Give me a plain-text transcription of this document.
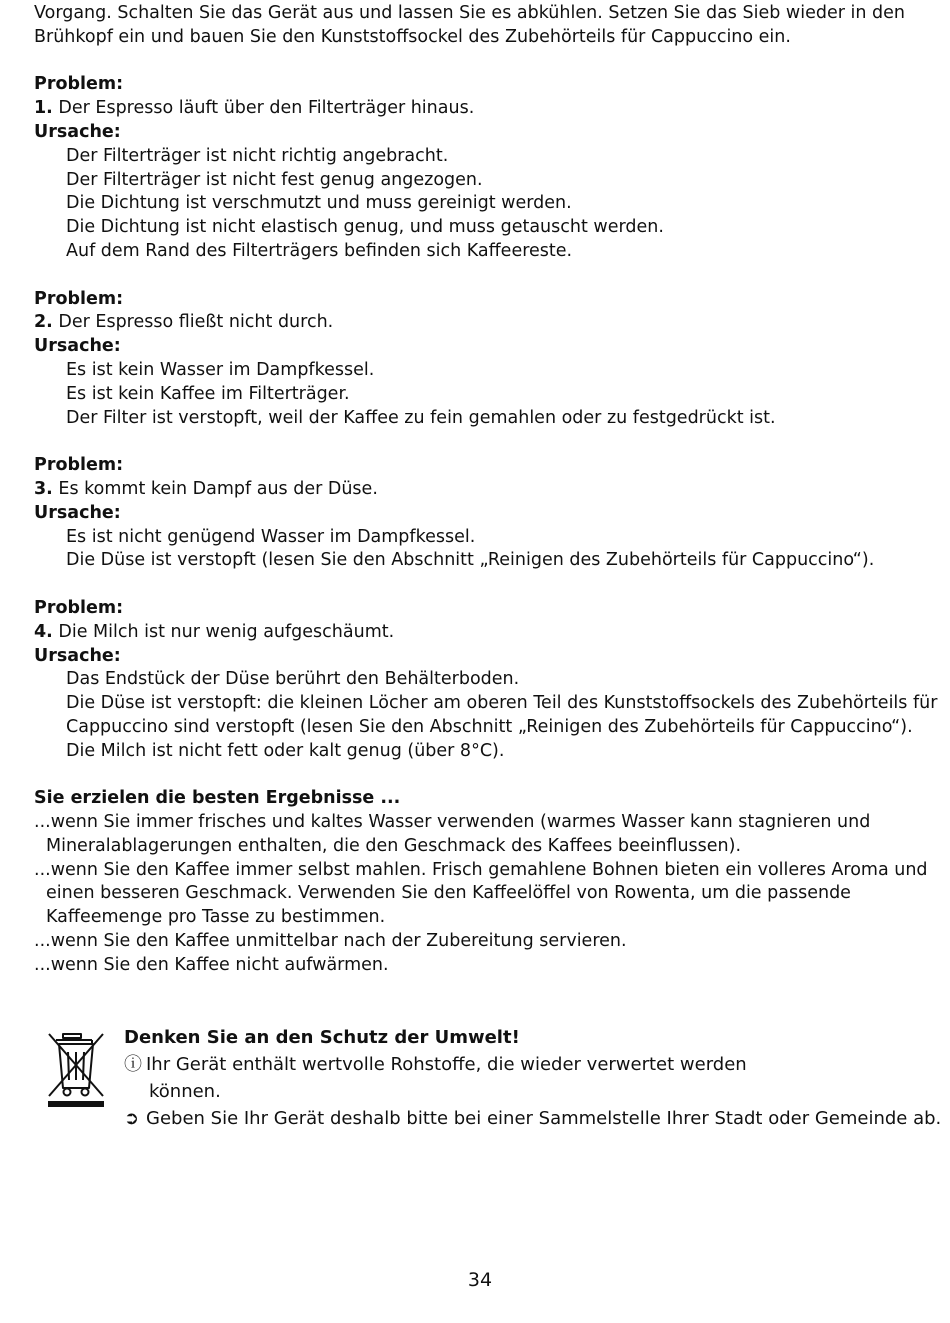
Vorgang. Schalten Sie das Gerät aus und lassen Sie es abkühlen. Setzen Sie das Sieb wieder in den
Brühkopf ein und bauen Sie den Kunststoffsockel des Zubehörteils für Cappuccino ein.
Problem:
1. Der Espresso läuft über den Filterträger hinaus.
Ursache:
Der Filterträger ist nicht richtig angebracht.
Der Filterträger ist nicht fest genug angezogen.
Die Dichtung ist verschmutzt und muss gereinigt werden.
Die Dichtung ist nicht elastisch genug, und muss getauscht werden.
Auf dem Rand des Filterträgers befinden sich Kaffeereste.
Problem:
2. Der Espresso fließt nicht durch.
Ursache:
Es ist kein Wasser im Dampfkessel.
Es ist kein Kaffee im Filterträger.
Der Filter ist verstopft, weil der Kaffee zu fein gemahlen oder zu festgedrückt ist.
Problem:
3. Es kommt kein Dampf aus der Düse.
Ursache:
Es ist nicht genügend Wasser im Dampfkessel.
Die Düse ist verstopft (lesen Sie den Abschnitt „Reinigen des Zubehörteils für Cappuccino“).
Problem:
4. Die Milch ist nur wenig aufgeschäumt.
Ursache:
Das Endstück der Düse berührt den Behälterboden.
Die Düse ist verstopft: die kleinen Löcher am oberen Teil des Kunststoffsockels des Zubehörteils für
Cappuccino sind verstopft (lesen Sie den Abschnitt „Reinigen des Zubehörteils für Cappuccino“).
Die Milch ist nicht fett oder kalt genug (über 8°C).
Sie erzielen die besten Ergebnisse ...
...wenn Sie immer frisches und kaltes Wasser verwenden (warmes Wasser kann stagnieren und
Mineralablagerungen enthalten, die den Geschmack des Kaffees beeinflussen).
...wenn Sie den Kaffee immer selbst mahlen. Frisch gemahlene Bohnen bieten ein volleres Aroma und
einen besseren Geschmack. Verwenden Sie den Kaffeelöffel von Rowenta, um die passende
Kaffeemenge pro Tasse zu bestimmen.
...wenn Sie den Kaffee unmittelbar nach der Zubereitung servieren.
...wenn Sie den Kaffee nicht aufwärmen.
Denken Sie an den Schutz der Umwelt!
ⓘ Ihr Gerät enthält wertvolle Rohstoffe, die wieder verwertet werden
können.
➲ Geben Sie Ihr Gerät deshalb bitte bei einer Sammelstelle Ihrer Stadt oder Gemeinde ab.
34
